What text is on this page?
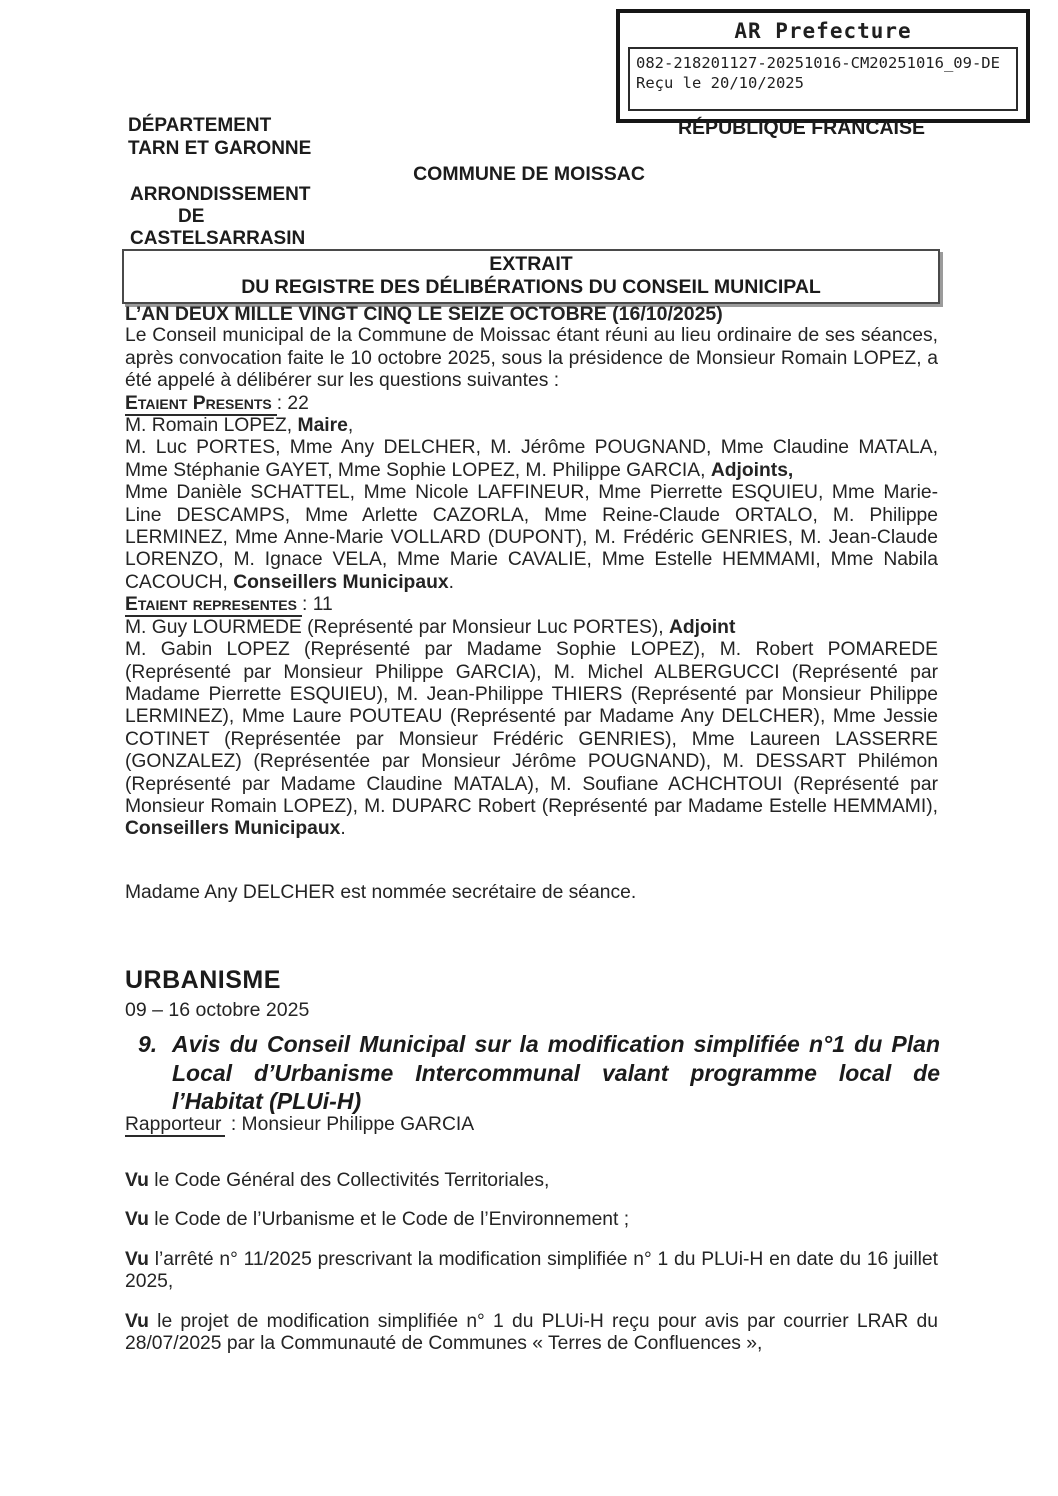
AR Prefecture
082-218201127-20251016-CM20251016_09-DE
Reçu le 20/10/2025
DÉPARTEMENT
TARN ET GARONNE
RÉPUBLIQUE FRANCAISE
COMMUNE DE MOISSAC
ARRONDISSEMENT
DE
CASTELSARRASIN
EXTRAIT
DU REGISTRE DES DÉLIBÉRATIONS DU CONSEIL MUNICIPAL

L’AN DEUX MILLE VINGT CINQ LE SEIZE OCTOBRE (16/10/2025)

Le Conseil municipal de la Commune de Moissac étant réuni au lieu ordinaire de ses séances, après convocation faite le 10 octobre 2025, sous la présidence de Monsieur Romain LOPEZ, a été appelé à délibérer sur les questions suivantes :

Etaient Presents : 22

M. Romain LOPEZ, Maire,

M. Luc PORTES, Mme Any DELCHER, M. Jérôme POUGNAND, Mme Claudine MATALA, Mme Stéphanie GAYET, Mme Sophie LOPEZ, M. Philippe GARCIA, Adjoints,

Mme Danièle SCHATTEL, Mme Nicole LAFFINEUR, Mme Pierrette ESQUIEU, Mme Marie-Line DESCAMPS, Mme Arlette CAZORLA, Mme Reine-Claude ORTALO, M. Philippe LERMINEZ, Mme Anne-Marie VOLLARD (DUPONT), M. Frédéric GENRIES, M. Jean-Claude LORENZO, M. Ignace VELA, Mme Marie CAVALIE, Mme Estelle HEMMAMI, Mme Nabila CACOUCH, Conseillers Municipaux.

Etaient representes : 11

M. Guy LOURMEDE (Représenté par Monsieur Luc PORTES), Adjoint

M. Gabin LOPEZ (Représenté par Madame Sophie LOPEZ), M. Robert POMAREDE (Représenté par Monsieur Philippe GARCIA), M. Michel ALBERGUCCI (Représenté par Madame Pierrette ESQUIEU), M. Jean-Philippe THIERS (Représenté par Monsieur Philippe LERMINEZ), Mme Laure POUTEAU (Représenté par Madame Any DELCHER), Mme Jessie COTINET (Représentée par Monsieur Frédéric GENRIES), Mme Laureen LASSERRE (GONZALEZ) (Représentée par Monsieur Jérôme POUGNAND), M. DESSART Philémon (Représenté par Madame Claudine MATALA), M. Soufiane ACHCHTOUI (Représenté par Monsieur Romain LOPEZ), M. DUPARC Robert (Représenté par Madame Estelle HEMMAMI), Conseillers Municipaux.

Madame Any DELCHER est nommée secrétaire de séance.
URBANISME
09 – 16 octobre 2025
9. Avis du Conseil Municipal sur la modification simplifiée n°1 du Plan Local d’Urbanisme Intercommunal valant programme local de l’Habitat (PLUi-H)
Rapporteur : Monsieur Philippe GARCIA

Vu le Code Général des Collectivités Territoriales,

Vu le Code de l’Urbanisme et le Code de l’Environnement ;

Vu l’arrêté n° 11/2025 prescrivant la modification simplifiée n° 1 du PLUi-H en date du 16 juillet 2025,

Vu le projet de modification simplifiée n° 1 du PLUi-H reçu pour avis par courrier LRAR du 28/07/2025 par la Communauté de Communes « Terres de Confluences »,
